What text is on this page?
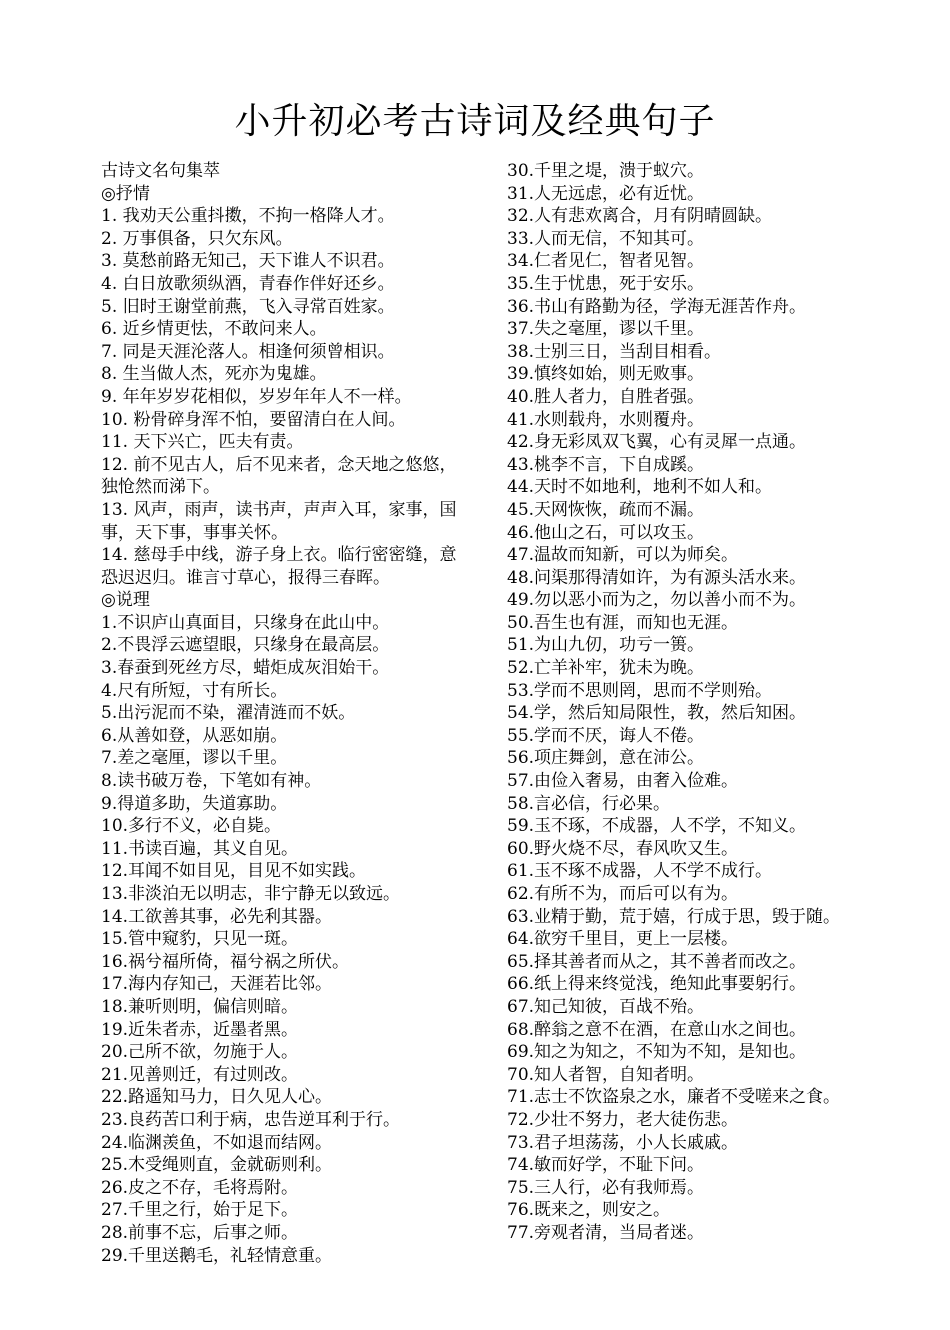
小升初必考古诗词及经典句子
古诗文名句集萃
◎抒情
1. 我劝天公重抖擞，不拘一格降人才。
2. 万事俱备，只欠东风。
3. 莫愁前路无知己，天下谁人不识君。
4. 白日放歌须纵酒，青春作伴好还乡。
5. 旧时王谢堂前燕，飞入寻常百姓家。
6. 近乡情更怯，不敢问来人。
7. 同是天涯沦落人。相逢何须曾相识。
8. 生当做人杰，死亦为鬼雄。
9. 年年岁岁花相似，岁岁年年人不一样。
10. 粉骨碎身浑不怕，要留清白在人间。
11. 天下兴亡，匹夫有责。
12. 前不见古人，后不见来者，念天地之悠悠，独怆然而涕下。
13. 风声，雨声，读书声，声声入耳，家事，国事，天下事，事事关怀。
14. 慈母手中线，游子身上衣。临行密密缝，意恐迟迟归。谁言寸草心，报得三春晖。
◎说理
1.不识庐山真面目，只缘身在此山中。
2.不畏浮云遮望眼，只缘身在最高层。
3.春蚕到死丝方尽，蜡炬成灰泪始干。
4.尺有所短，寸有所长。
5.出污泥而不染，濯清涟而不妖。
6.从善如登，从恶如崩。
7.差之毫厘，谬以千里。
8.读书破万卷，下笔如有神。
9.得道多助，失道寡助。
10.多行不义，必自毙。
11.书读百遍，其义自见。
12.耳闻不如目见，目见不如实践。
13.非淡泊无以明志，非宁静无以致远。
14.工欲善其事，必先利其器。
15.管中窥豹，只见一斑。
16.祸兮福所倚，福兮祸之所伏。
17.海内存知己，天涯若比邻。
18.兼听则明，偏信则暗。
19.近朱者赤，近墨者黑。
20.己所不欲，勿施于人。
21.见善则迁，有过则改。
22.路遥知马力，日久见人心。
23.良药苦口利于病，忠告逆耳利于行。
24.临渊羡鱼，不如退而结网。
25.木受绳则直，金就砺则利。
26.皮之不存，毛将焉附。
27.千里之行，始于足下。
28.前事不忘，后事之师。
29.千里送鹅毛，礼轻情意重。
30.千里之堤，溃于蚁穴。
31.人无远虑，必有近忧。
32.人有悲欢离合，月有阴晴圆缺。
33.人而无信，不知其可。
34.仁者见仁，智者见智。
35.生于忧患，死于安乐。
36.书山有路勤为径，学海无涯苦作舟。
37.失之毫厘，谬以千里。
38.士别三日，当刮目相看。
39.慎终如始，则无败事。
40.胜人者力，自胜者强。
41.水则载舟，水则覆舟。
42.身无彩凤双飞翼，心有灵犀一点通。
43.桃李不言，下自成蹊。
44.天时不如地利，地利不如人和。
45.天网恢恢，疏而不漏。
46.他山之石，可以攻玉。
47.温故而知新，可以为师矣。
48.问渠那得清如许，为有源头活水来。
49.勿以恶小而为之，勿以善小而不为。
50.吾生也有涯，而知也无涯。
51.为山九仞，功亏一篑。
52.亡羊补牢，犹未为晚。
53.学而不思则罔，思而不学则殆。
54.学，然后知局限性，教，然后知困。
55.学而不厌，诲人不倦。
56.项庄舞剑，意在沛公。
57.由俭入奢易，由奢入俭难。
58.言必信，行必果。
59.玉不琢，不成器，人不学，不知义。
60.野火烧不尽，春风吹又生。
61.玉不琢不成器，人不学不成行。
62.有所不为，而后可以有为。
63.业精于勤，荒于嬉，行成于思，毁于随。
64.欲穷千里目，更上一层楼。
65.择其善者而从之，其不善者而改之。
66.纸上得来终觉浅，绝知此事要躬行。
67.知己知彼，百战不殆。
68.醉翁之意不在酒，在意山水之间也。
69.知之为知之，不知为不知，是知也。
70.知人者智，自知者明。
71.志士不饮盗泉之水，廉者不受嗟来之食。
72.少壮不努力，老大徒伤悲。
73.君子坦荡荡，小人长戚戚。
74.敏而好学，不耻下问。
75.三人行，必有我师焉。
76.既来之，则安之。
77.旁观者清，当局者迷。
